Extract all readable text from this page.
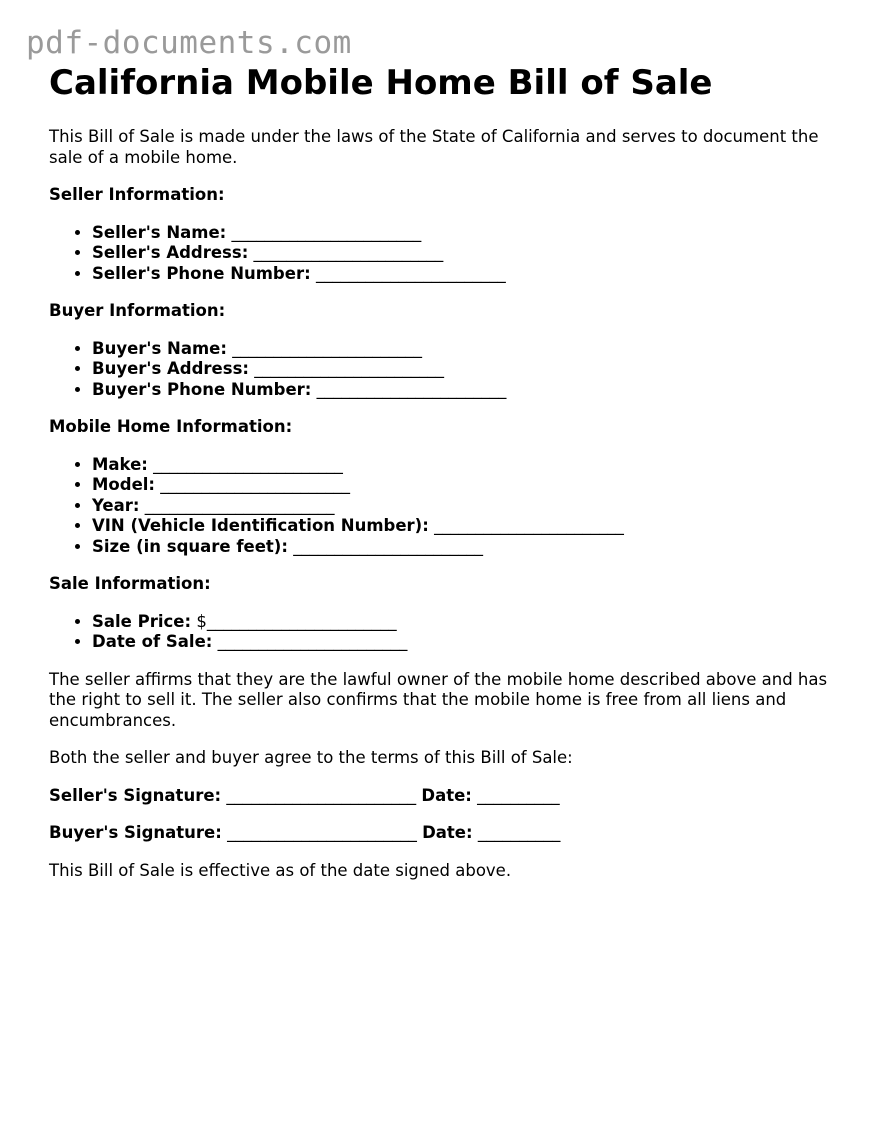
pdf-documents.com
California Mobile Home Bill of Sale

This Bill of Sale is made under the laws of the State of California and serves to document the sale of a mobile home.

Seller Information:

• Seller's Name: _______________________
• Seller's Address: _______________________
• Seller's Phone Number: _______________________

Buyer Information:

• Buyer's Name: _______________________
• Buyer's Address: _______________________
• Buyer's Phone Number: _______________________

Mobile Home Information:

• Make: _______________________
• Model: _______________________
• Year: _______________________
• VIN (Vehicle Identification Number): _______________________
• Size (in square feet): _______________________

Sale Information:

• Sale Price: $_______________________
• Date of Sale: _______________________

The seller affirms that they are the lawful owner of the mobile home described above and has the right to sell it. The seller also confirms that the mobile home is free from all liens and encumbrances.

Both the seller and buyer agree to the terms of this Bill of Sale:

Seller's Signature: _______________________ Date: __________

Buyer's Signature: _______________________ Date: __________

This Bill of Sale is effective as of the date signed above.
